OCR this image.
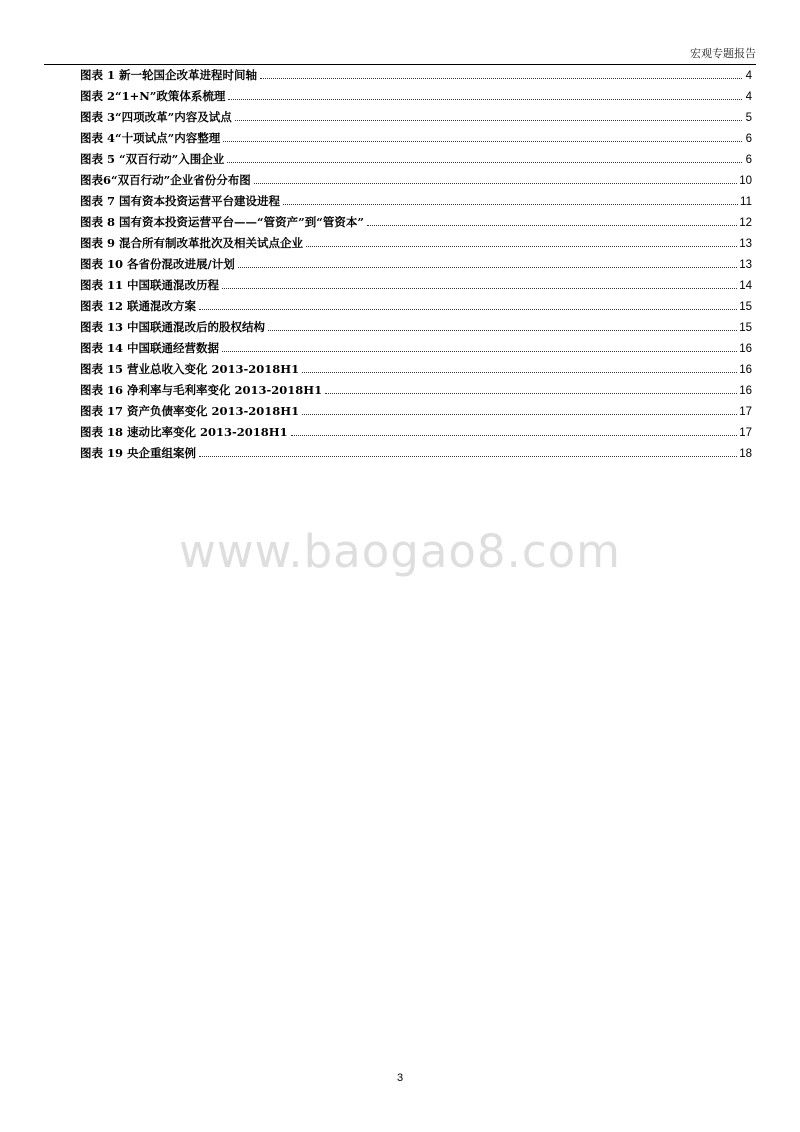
宏观专题报告
图表 1 新一轮国企改革进程时间轴	4
图表 2“1+N”政策体系梳理	4
图表 3“四项改革”内容及试点	5
图表 4“十项试点”内容整理	6
图表 5 “双百行动”入围企业	6
图表6“双百行动”企业省份分布图	10
图表 7 国有资本投资运营平台建设进程	11
图表 8 国有资本投资运营平台——“管资产”到“管资本”	12
图表 9 混合所有制改革批次及相关试点企业	13
图表 10 各省份混改进展/计划	13
图表 11 中国联通混改历程	14
图表 12 联通混改方案	15
图表 13 中国联通混改后的股权结构	15
图表 14 中国联通经营数据	16
图表 15 营业总收入变化 2013-2018H1	16
图表 16 净利率与毛利率变化 2013-2018H1	16
图表 17 资产负债率变化 2013-2018H1	17
图表 18 速动比率变化 2013-2018H1	17
图表 19 央企重组案例	18
www.baogao8.com
3
